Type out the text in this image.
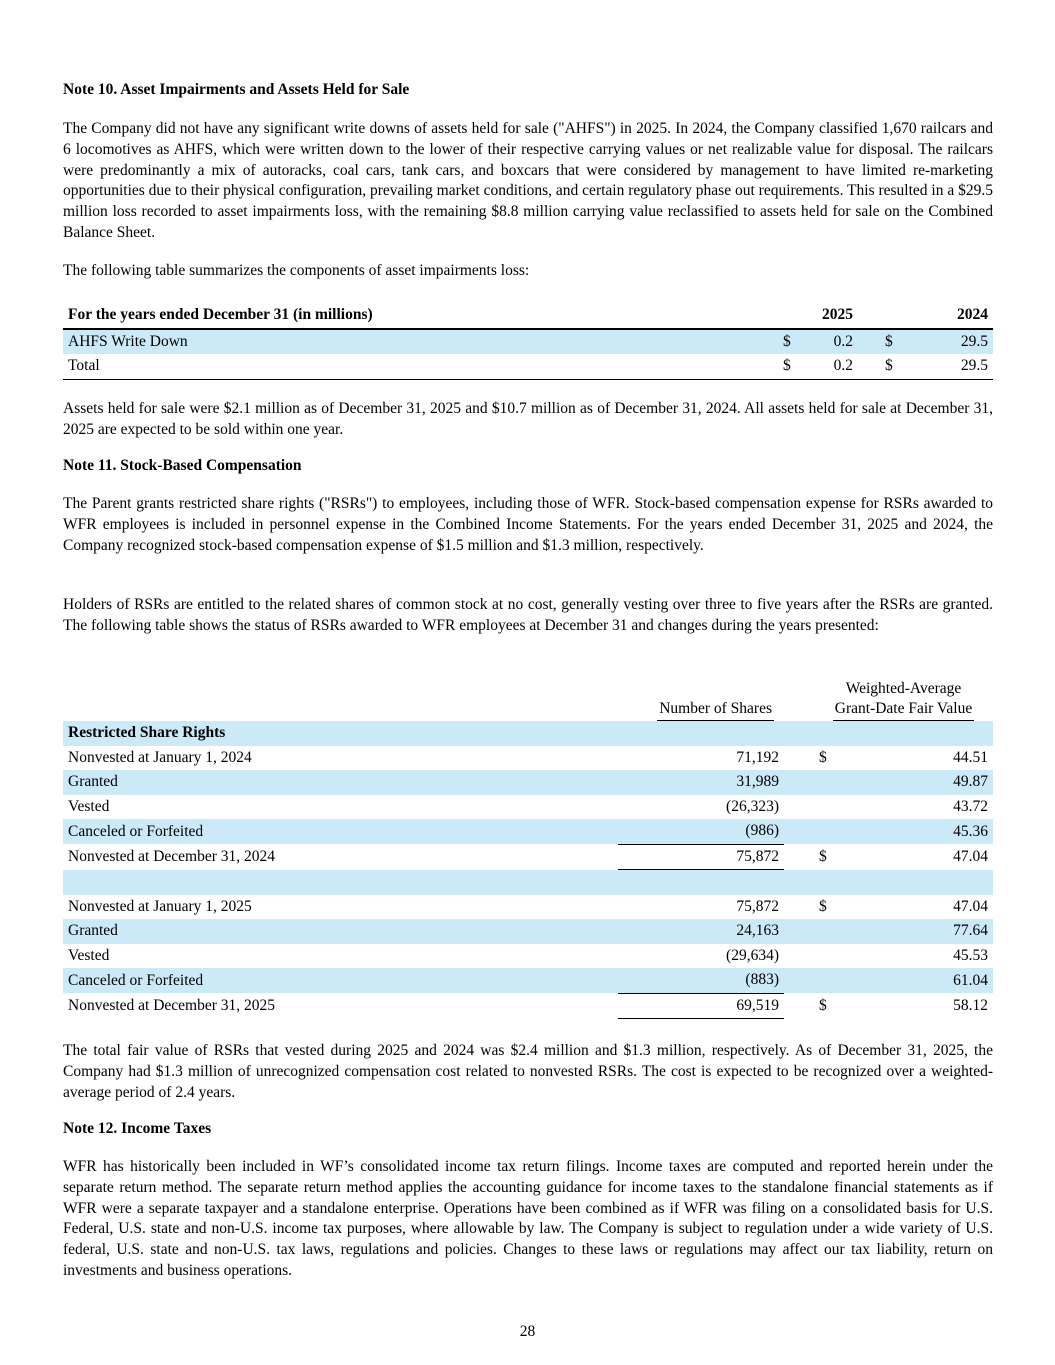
Note 10. Asset Impairments and Assets Held for Sale
The Company did not have any significant write downs of assets held for sale ("AHFS") in 2025. In 2024, the Company classified 1,670 railcars and 6 locomotives as AHFS, which were written down to the lower of their respective carrying values or net realizable value for disposal. The railcars were predominantly a mix of autoracks, coal cars, tank cars, and boxcars that were considered by management to have limited re-marketing opportunities due to their physical configuration, prevailing market conditions, and certain regulatory phase out requirements. This resulted in a $29.5 million loss recorded to asset impairments loss, with the remaining $8.8 million carrying value reclassified to assets held for sale on the Combined Balance Sheet.
The following table summarizes the components of asset impairments loss:
For the years ended December 31 (in millions)		2025			2024
AHFS Write Down	$	0.2		$	29.5
Total	$	0.2		$	29.5
Assets held for sale were $2.1 million as of December 31, 2025 and $10.7 million as of December 31, 2024. All assets held for sale at December 31, 2025 are expected to be sold within one year.
Note 11. Stock-Based Compensation
The Parent grants restricted share rights ("RSRs") to employees, including those of WFR. Stock-based compensation expense for RSRs awarded to WFR employees is included in personnel expense in the Combined Income Statements. For the years ended December 31, 2025 and 2024, the Company recognized stock-based compensation expense of $1.5 million and $1.3 million, respectively.
Holders of RSRs are entitled to the related shares of common stock at no cost, generally vesting over three to five years after the RSRs are granted. The following table shows the status of RSRs awarded to WFR employees at December 31 and changes during the years presented:
	Number of Shares		Weighted-Average
Grant-Date Fair Value	
Restricted Share Rights				
Nonvested at January 1, 2024	71,192		$	44.51
Granted	31,989			49.87
Vested	(26,323)			43.72
Canceled or Forfeited	(986)			45.36
Nonvested at December 31, 2024	75,872		$	47.04

Nonvested at January 1, 2025	75,872		$	47.04
Granted	24,163			77.64
Vested	(29,634)			45.53
Canceled or Forfeited	(883)			61.04
Nonvested at December 31, 2025	69,519		$	58.12
The total fair value of RSRs that vested during 2025 and 2024 was $2.4 million and $1.3 million, respectively. As of December 31, 2025, the Company had $1.3 million of unrecognized compensation cost related to nonvested RSRs. The cost is expected to be recognized over a weighted-average period of 2.4 years.
Note 12. Income Taxes
WFR has historically been included in WF’s consolidated income tax return filings. Income taxes are computed and reported herein under the separate return method. The separate return method applies the accounting guidance for income taxes to the standalone financial statements as if WFR were a separate taxpayer and a standalone enterprise. Operations have been combined as if WFR was filing on a consolidated basis for U.S. Federal, U.S. state and non-U.S. income tax purposes, where allowable by law. The Company is subject to regulation under a wide variety of U.S. federal, U.S. state and non-U.S. tax laws, regulations and policies. Changes to these laws or regulations may affect our tax liability, return on investments and business operations.
28
